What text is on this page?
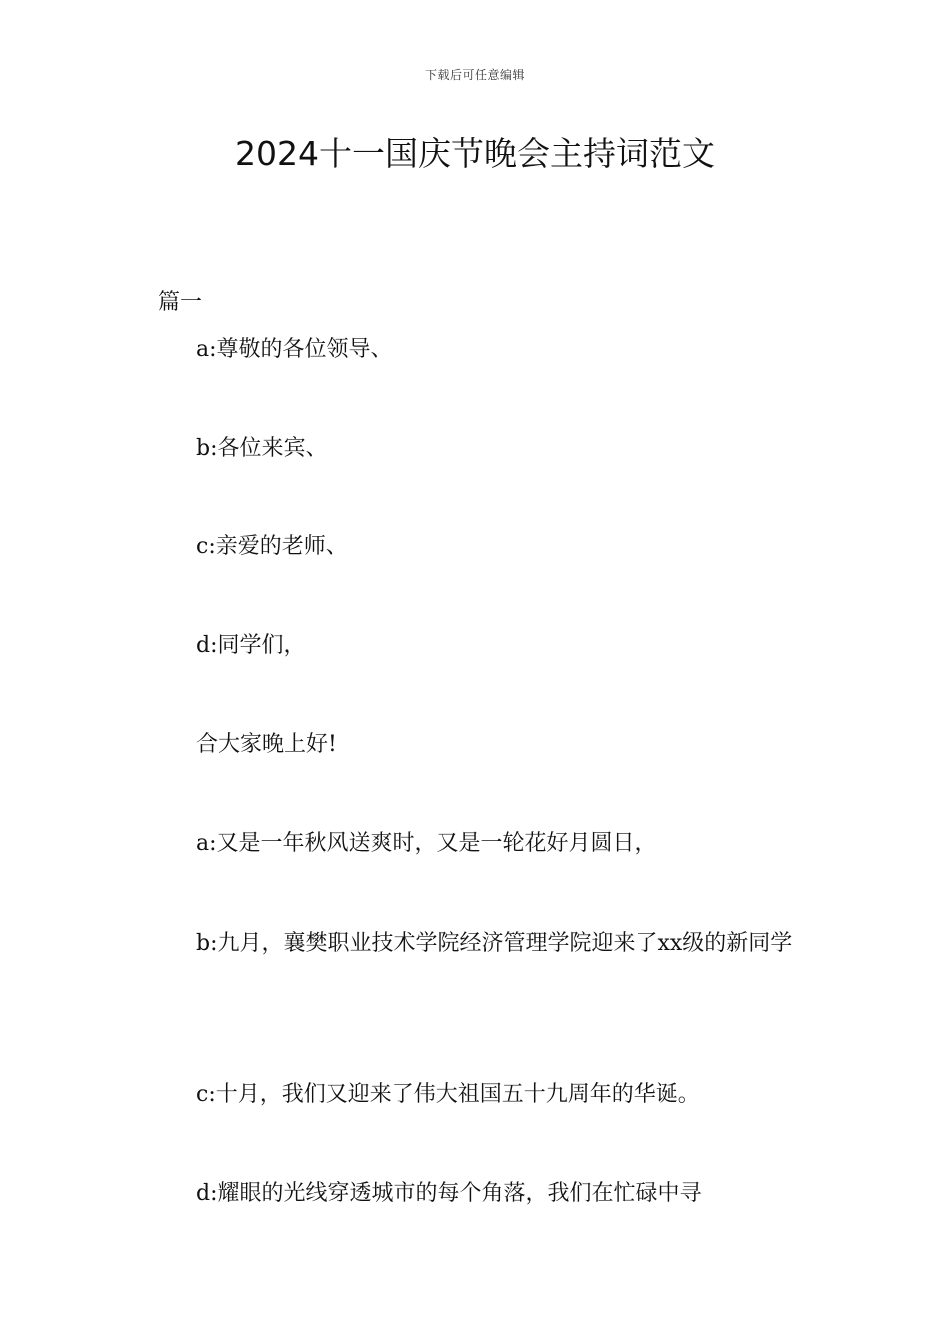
下载后可任意编辑
2024十一国庆节晚会主持词范文
篇一
a:尊敬的各位领导、
b:各位来宾、
c:亲爱的老师、
d:同学们，
合大家晚上好!
a:又是一年秋风送爽时，又是一轮花好月圆日，
b:九月，襄樊职业技术学院经济管理学院迎来了xx级的新同学
c:十月，我们又迎来了伟大祖国五十九周年的华诞。
d:耀眼的光线穿透城市的每个角落，我们在忙碌中寻
